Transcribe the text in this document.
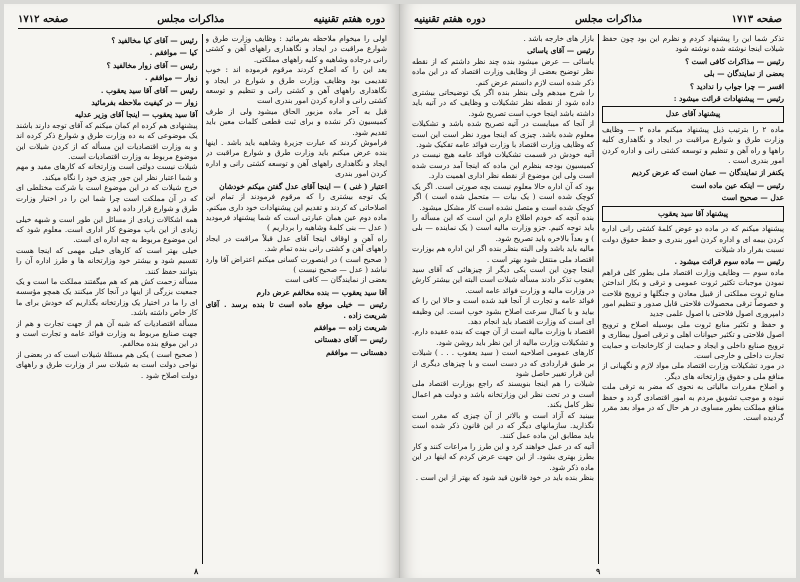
دوره هفتم تقنینیه
مذاکرات مجلس
صفحه ۱۷۱۲

اولی را میخوام ملاحظه بفرمائید : وظایف وزارت طرق و شوارع مراقبت در ایجاد و نگاهداری راههای آهن و کشتی رانی درجاده وشاهیه و کلیه راههای مملکتی.

بعد این را که اصلاح کردند مرقوم فرموده اند : خوب تقدیمی بود وظایف وزارت طرق و شوارع در ایجاد و نگاهداری راههای آهن و کشتی رانی و تنظیم و توسعه کشتی رانی و اداره کردن امور بندری است

قبل به آخر ماده مزبور الحاق میشود ولی از طرف کمیسیون ذکر نشده و برای ثبت قطعی کلمات معین باید تقدیم شود.

فراموش کردند که عبارت جزیرهٔ وشاهیه باید باشد . اینها بنده عرض میکنم باید وزارت طرق و شوارع مراقبت در ایجاد و نگاهداری راههای آهن و توسعه کشتی رانی و اداره کردن امور بندری

اعتبار ( غنی ) — اینجا آقای عدل گفتن میکنم خودشان

یک توجه بیشتری را که مرقوم فرمودند از تمام این اصلاحاتی که کردند و تقدیم این پیشنهادات خود داری میکنم.

ماده دوم عین همان عبارتی است که شما پیشنهاد فرمودید ( عدل — بنی کلمهٔ وشاهیه را برداریم )

راه آهن و اوقاف اینجا آقای عدل قبلاً مراقبت در ایجاد راههای آهن و کشتی رانی بنده تمام شد.

( صحیح است ) در اینصورت کسانی میکنم اعتراض آقا وارد نباشد ( عدل — صحیح نیست )

بعضی از نمایندگان — کافی است

آقا سید یعقوب — بنده مخالفم عرض دارم

رئیس — خیلی موقع ماده است تا بنده برسد . آقای شریعت زاده .

شریعت زاده — موافقم

رئیس — آقای دهستانی

دهستانی — موافقم

رئیس — آقای کیا مخالفید ؟

کیا — موافقم .

رئیس — آقای زوار مخالفید ؟

زوار — موافقم .

رئیس — آقای آقا سید یعقوب .

زوار — در کیفیت ملاحظه بفرمائید

آقا سید یعقوب — اینجا آقای وزیر عدلیه

پیشنهادی هم کرده ام کمان میکنم که آقای توجه دارند باشند یک موضوعی که به ده وزارت طرق و شوارع ذکر کرده اند و به وزارت اقتصادیات این مسأله که از کردن شیلات این موضوع مربوط به وزارت اقتصادیات است.

شیلات نیست دولتی است وزارتخانه که کارهای مفید و مهم و شما اعتبار نظر این جور چیزی خود را نگاه میکند.

خرج شیلات که در این موضوع است با شرکت مختلطی ای که در آن مملکت است چرا شما این را در اختیار وزارت طرق و شوارع قرار داده اید و

همه اشکالات زیادی از مسائل این طور است و شبهه خیلی زیادی از این باب موضوع کار اداری است. معلوم شود که این موضوع مربوط به چه اداره ای است.

خیلی بهتر است که کارهای خیلی مهمی که اینجا هست تقسیم شود و بیشتر خود وزارتخانه ها و طرز اداره آن را بتوانند حفظ کنند.

مسأله زحمت کش هم که هم میگفتند مملکت ما است و یک جمعیت بزرگی از اینها در آنجا کار میکنند یک همچو مؤسسه ای را ما در اختیار یک وزارتخانه بگذاریم که خودش برای ما کار خاص داشته باشد.

مسأله اقتصادیات که شبه آن هم از جهت تجارت و هم از جهت صنایع مربوط به وزارت فوائد عامه و تجارت است و در این موقع بنده مخالفم.

( صحیح است ) یکی هم مسئلهٔ شیلات است که در بعضی از نواحی دولت است به شیلات سر از وزارت طرق و راههای دولت اصلاح شود .

۸
صفحه ۱۷۱۳
مذاکرات مجلس
دوره هفتم تقنینیه

تذکر شما این را پیشنهاد کردم و نظرم این بود چون حفظ شیلات اینجا نوشته شده نوشته شود

رئیس — مذاکرات کافی است ؟

بعضی از نمایندگان — بلی

افسر — چرا جواب را ندادید ؟

رئیس — پیشنهادات قرائت میشود :

پیشنهاد آقای عدل

ماده ۲ را بترتیب ذیل پیشنهاد میکنم ماده ۲ — وظایف وزارت طرق و شوارع مراقبت در ایجاد و نگاهداری کلیه راهها و راه آهن و تنظیم و توسعه کشتی رانی و اداره کردن امور بندری است .

یکنفر از نمایندگان — عمان است که عرض کردیم

رئیس — اینکه عین ماده است

عدل — صحیح است

پیشنهاد آقا سید یعقوب

پیشنهاد میکنم که در ماده دو عوض کلمهٔ کشتی رانی اداره کردن بیمه ای و اداره کردن امور بندری و حفظ حقوق دولت نسبت بقرار داد شیلات

رئیس — ماده سوم قرائت میشود .

ماده سوم — وظایف وزارت اقتصاد ملی بطور کلی فراهم نمودن موجبات تکثیر ثروت عمومی و ترقی و بکار انداختن منابع ثروت مملکتی از قبیل معادن و جنگلها و ترویج فلاحت و خصوصاً ترقی محصولات فلاحتی قابل صدور و تنظیم امور دامپروری اصول فلاحتی با اصول علمی جدید

و حفظ و تکثیر منابع ثروت ملی بوسیله اصلاح و ترویج اصول فلاحتی و تکثیر حیوانات اهلی و ترقی اصول بیطاری و ترویج صنایع داخلی و ایجاد و حمایت از کارخانجات و حمایت تجارت داخلی و خارجی است.

در مورد تشکیلات وزارت اقتصاد ملی مواد لازم و نگهبانی از منافع ملی و حقوق وزارتخانه های دیگر.

و اصلاح مقررات مالیاتی به نحوی که مضر به ترقی ملت نبوده و موجب تشویق مردم به امور اقتصادی گردد و حفظ منافع مملکت بطور مساوی در هر حال که در مواد بعد مقرر گردیده است.

بازار های خارجه باشد .

رئیس — آقای یاسائی

یاسائی — عرض میشود بنده چند نظر داشتم که از نقطه نظر توضیح بعضی از وظایف وزارت اقتصاد که در این ماده ذکر شده است لازم دانستم عرض کنم.

را شرح میدهم ولی بنظر بنده اگر یک توضیحاتی بیشتری داده شود از نقطه نظر تشکیلات و وظایف که در آتیه باید داشته باشد اینجا خوب است تصریح شود.

از آنجا که میبایست در آتیه تصریح شده باشد و تشکیلات معلوم شده باشد. چیزی که اینجا مورد نظر است این است که وظایف وزارت اقتصاد با وزارت فوائد عامه تفکیک شود.

آتیه خودش در قسمت تشکیلات فوائد عامه هیچ نیست در کمیسیون بودجه بنظرم این ماده که اینجا آمد درست شده است ولی این موضوع از نقطه نظر اداری اهمیت دارد.

بود که آن اداره حالا معلوم نیست بچه صورتی است. اگر یک کوچک شده است ( یک بیات — متحمل شده است ) اگر کوچک شده است و متصل نشده است کار مشکل میشود.

بنده آنچه که خودم اطلاع دارم این است که این مسأله را باید توجه کنیم. جزو وزارت مالیه است ( یک نماینده — بلی ) و بعداً بالاخره باید تصریح شود.

مالیه باید باشد ولی البته بنظر بنده اگر این اداره هم بوزارت اقتصاد ملی منتقل شود بهتر است .

اینجا چون این است یکی دیگر از چیزهائی که آقای سید یعقوب تذکر دادند مسأله شیلات است البته این بیشتر کارش در وزارت مالیه و وزارت فوائد عامه است.

فوائد عامه و تجارت از آنجا قید شده است و حالا این را که بیاید و با کمال سرعت اصلاح بشود خوب است. این وظیفه ای است که وزارت اقتصاد باید انجام دهد.

اقتصاد با وزارت مالیه است از آن جهت که بنده عقیده دارم. و تشکیلات وزارت مالیه از این نظر باید روشن شود.

کارهای عمومی اصلاحیه است ( سید یعقوب . . . ) شیلات بر طبق قراردادی که در دست است و با چیزهای دیگری از این قرار تغییر حاصل شود

شیلات را هم اینجا بنویسند که راجع بوزارت اقتصاد ملی است و در تحت نظر این وزارتخانه باشد و دولت هم اعمال نظر کامل بکند.

ببینید که آزاد است و بالاتر از آن چیزی که مقرر است نگذارید. سازمانهای دیگر که در این قانون ذکر شده است باید مطابق این ماده عمل کنند.

آتیه که در عمل خواهند کرد و این طرز را مراعات کنند و کار بطرز بهتری بشود. از این جهت عرض کردم که اینها در این ماده ذکر شود.

بنظر بنده باید در خود قانون قید شود که بهتر از این است .

۹
